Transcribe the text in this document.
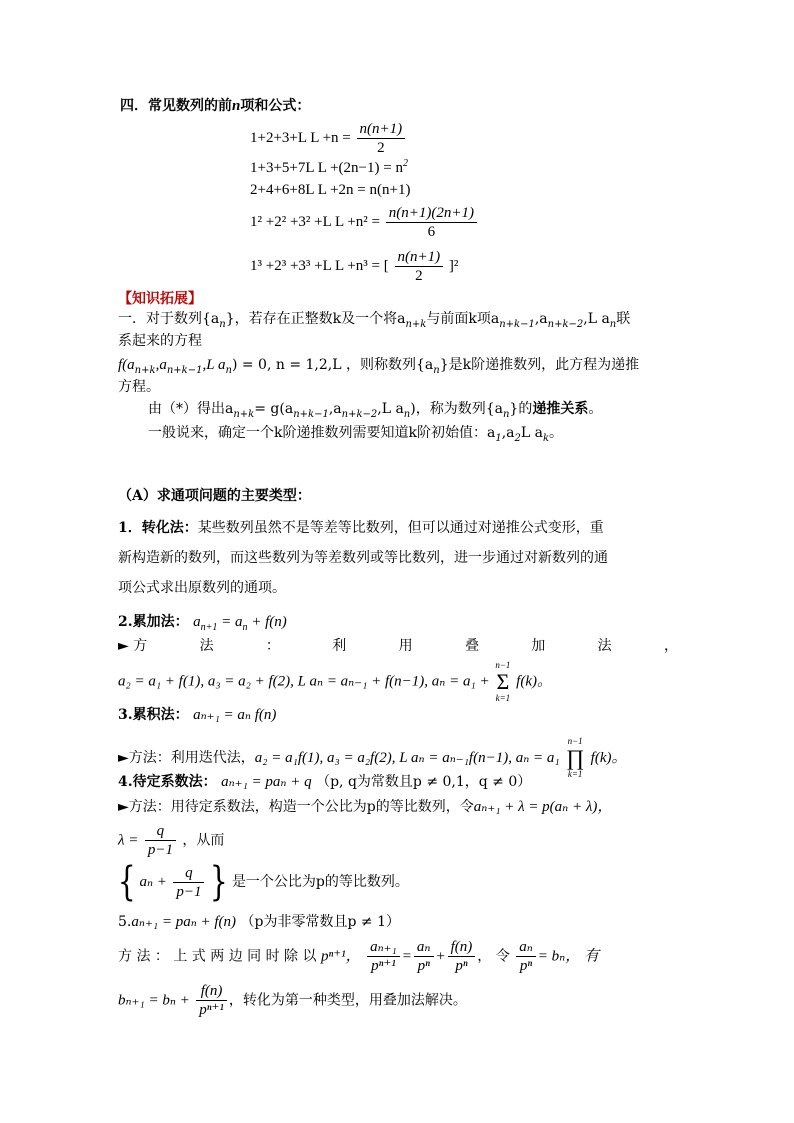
四．常见数列的前n项和公式：
1+2+3+L $L +n = \frac{n(n+1)}{2}$
1+3+5+7L $L +(2n-1) = n^2$
2+4+6+8L L +2n = n(n+1)
1² +2² +3² +L $L +n^2 = \frac{n(n+1)(2n+1)}{6}$
1³ +2³ +3³ +L L +n³ = [ $\frac{n(n+1)}{2} ]^2$
【知识拓展】
一．对于数列$\{a_n\}$，若存在正整数k及一个将$a_{n+k}$与前面k项$a_{n+k-1},a_{n+k-2},L$ $a_n$联
系起来的方程
$f(a_{n+k},a_{n+k-1},L$ $a_n) = 0$, n = 1,2,L ，则称数列$\{a_n\}$是k阶递推数列，此方程为递推
方程。
由（*）得出$a_{n+k}= g(a_{n+k-1},a_{n+k-2},L$ $a_n$)，称为数列$\{a_n\}$的递推关系。
一般说来，确定一个k阶递推数列需要知道k阶初始值：$a_1,a_2L$ $a_k$。
（A）求通项问题的主要类型：
1．转化法：某些数列虽然不是等差等比数列，但可以通过对递推公式变形，重
新构造新的数列，而这些数列为等差数列或等比数列，进一步通过对新数列的通
项公式求出原数列的通项。
2.累加法： $a_{n+1} = a_n + f(n)$
► 方	法	：	利	用	叠	加	法	，
a₂ = a₁ + f(1), a₃ = a₂ + f(2), L aₙ = aₙ₋₁ + f(n−1), aₙ = a₁ +
n−1
Σ
k=1
f(k)。
3.累积法： aₙ₊₁ = aₙ f(n)
►方法：利用迭代法，a₂ = a₁f(1), a₃ = a₂f(2), L aₙ = aₙ₋₁f(n−1), aₙ = a₁
n−1
∏
k=1
f(k)。
4.待定系数法： aₙ₊₁ = paₙ + q （p, q为常数且p ≠ 0,1，q ≠ 0）
►方法：用待定系数法，构造一个公比为p的等比数列，令aₙ₊₁ + λ = p(aₙ + λ)，
$\lambda = \frac{q}{p-1}$ ，从而
{ $a_n + \frac{q}{p-1}$ } 是一个公比为p的等比数列。
5.aₙ₊₁ = paₙ + f(n) （p为非零常数且p ≠ 1）
方 法 ： 上 式 两 边 同 时 除 以 pⁿ⁺¹， $\frac{\text{aₙ₊₁}}{\text{pⁿ⁺¹}} = \frac{\text{aₙ}}{\text{pⁿ}} + \frac{f(n)}{\text{pⁿ}}$ ， 令 $\frac{\text{aₙ}}{\text{pⁿ}} = b_n$， 有
$b_{n+1} = b_n + \frac{f(n)}{\text{pⁿ⁺¹}}$ ，转化为第一种类型，用叠加法解决。
